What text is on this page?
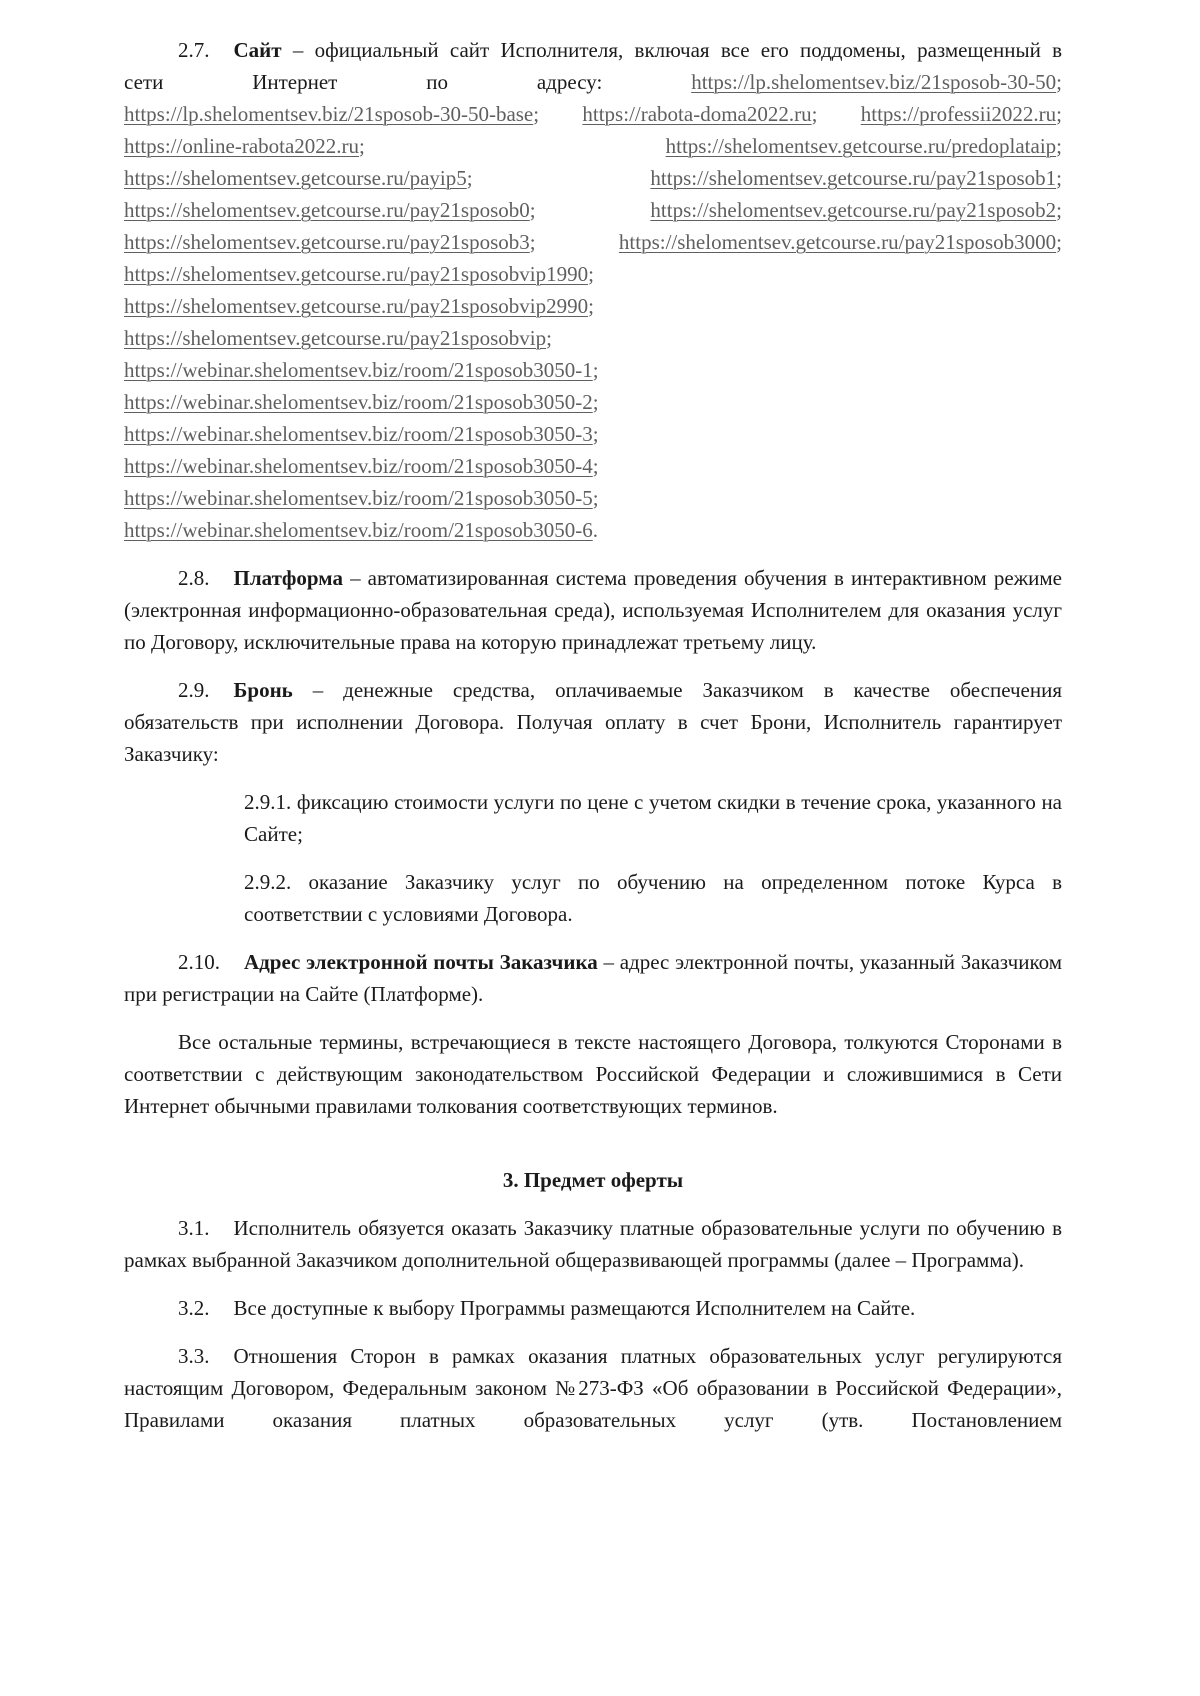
2.7. Сайт – официальный сайт Исполнителя, включая все его поддомены, размещенный в
сети Интернет по адресу:	https://lp.shelomentsev.biz/21sposob-30-50;
https://lp.shelomentsev.biz/21sposob-30-50-base; https://rabota-doma2022.ru; https://professii2022.ru;
https://online-rabota2022.ru;	https://shelomentsev.getcourse.ru/predoplataip;
https://shelomentsev.getcourse.ru/payip5;	https://shelomentsev.getcourse.ru/pay21sposob1;
https://shelomentsev.getcourse.ru/pay21sposob0;	https://shelomentsev.getcourse.ru/pay21sposob2;
https://shelomentsev.getcourse.ru/pay21sposob3;	https://shelomentsev.getcourse.ru/pay21sposob3000;
https://shelomentsev.getcourse.ru/pay21sposobvip1990;
https://shelomentsev.getcourse.ru/pay21sposobvip2990;
https://shelomentsev.getcourse.ru/pay21sposobvip;
https://webinar.shelomentsev.biz/room/21sposob3050-1;
https://webinar.shelomentsev.biz/room/21sposob3050-2;
https://webinar.shelomentsev.biz/room/21sposob3050-3;
https://webinar.shelomentsev.biz/room/21sposob3050-4;
https://webinar.shelomentsev.biz/room/21sposob3050-5;
https://webinar.shelomentsev.biz/room/21sposob3050-6.

2.8. Платформа – автоматизированная система проведения обучения в интерактивном режиме (электронная информационно-образовательная среда), используемая Исполнителем для оказания услуг по Договору, исключительные права на которую принадлежат третьему лицу.

2.9. Бронь – денежные средства, оплачиваемые Заказчиком в качестве обеспечения обязательств при исполнении Договора. Получая оплату в счет Брони, Исполнитель гарантирует Заказчику:

2.9.1. фиксацию стоимости услуги по цене с учетом скидки в течение срока, указанного на Сайте;

2.9.2. оказание Заказчику услуг по обучению на определенном потоке Курса в соответствии с условиями Договора.

2.10. Адрес электронной почты Заказчика – адрес электронной почты, указанный Заказчиком при регистрации на Сайте (Платформе).

Все остальные термины, встречающиеся в тексте настоящего Договора, толкуются Сторонами в соответствии с действующим законодательством Российской Федерации и сложившимися в Сети Интернет обычными правилами толкования соответствующих терминов.

3. Предмет оферты

3.1. Исполнитель обязуется оказать Заказчику платные образовательные услуги по обучению в рамках выбранной Заказчиком дополнительной общеразвивающей программы (далее – Программа).

3.2. Все доступные к выбору Программы размещаются Исполнителем на Сайте.

3.3. Отношения Сторон в рамках оказания платных образовательных услуг регулируются настоящим Договором, Федеральным законом №273-ФЗ «Об образовании в Российской Федерации», Правилами оказания платных образовательных услуг (утв. Постановлением
